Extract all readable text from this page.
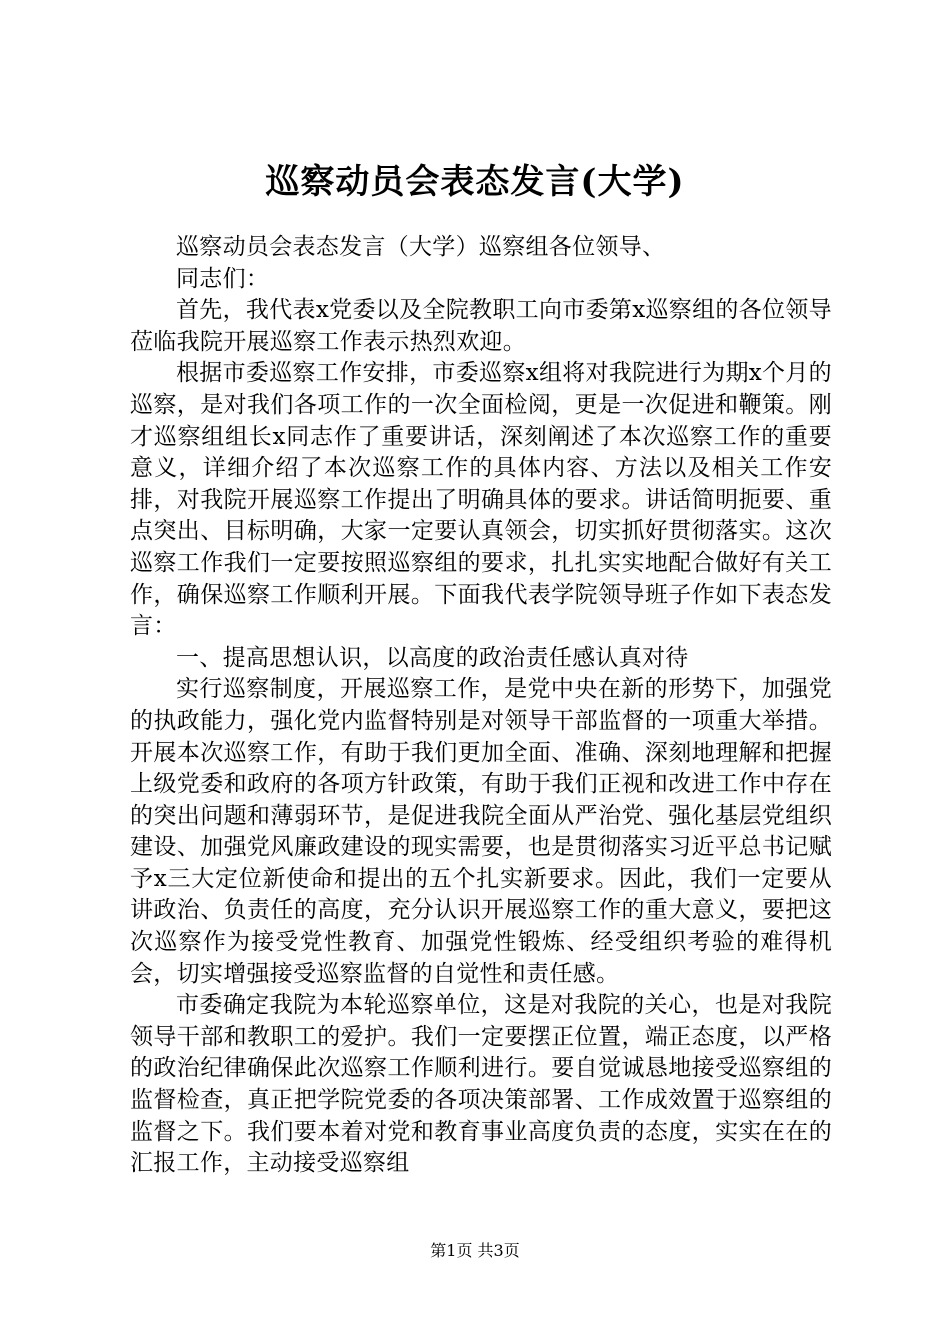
巡察动员会表态发言(大学)

巡察动员会表态发言（大学）巡察组各位领导、

同志们：

首先，我代表x党委以及全院教职工向市委第x巡察组的各位领导莅临我院开展巡察工作表示热烈欢迎。

根据市委巡察工作安排，市委巡察x组将对我院进行为期x个月的巡察，是对我们各项工作的一次全面检阅，更是一次促进和鞭策。刚才巡察组组长x同志作了重要讲话，深刻阐述了本次巡察工作的重要意义，详细介绍了本次巡察工作的具体内容、方法以及相关工作安排，对我院开展巡察工作提出了明确具体的要求。讲话简明扼要、重点突出、目标明确，大家一定要认真领会，切实抓好贯彻落实。这次巡察工作我们一定要按照巡察组的要求，扎扎实实地配合做好有关工作，确保巡察工作顺利开展。下面我代表学院领导班子作如下表态发言：

一、提高思想认识，以高度的政治责任感认真对待

实行巡察制度，开展巡察工作，是党中央在新的形势下，加强党的执政能力，强化党内监督特别是对领导干部监督的一项重大举措。开展本次巡察工作，有助于我们更加全面、准确、深刻地理解和把握上级党委和政府的各项方针政策，有助于我们正视和改进工作中存在的突出问题和薄弱环节，是促进我院全面从严治党、强化基层党组织建设、加强党风廉政建设的现实需要，也是贯彻落实习近平总书记赋予x三大定位新使命和提出的五个扎实新要求。因此，我们一定要从讲政治、负责任的高度，充分认识开展巡察工作的重大意义，要把这次巡察作为接受党性教育、加强党性锻炼、经受组织考验的难得机会，切实增强接受巡察监督的自觉性和责任感。

市委确定我院为本轮巡察单位，这是对我院的关心，也是对我院领导干部和教职工的爱护。我们一定要摆正位置，端正态度，以严格的政治纪律确保此次巡察工作顺利进行。要自觉诚恳地接受巡察组的监督检查，真正把学院党委的各项决策部署、工作成效置于巡察组的监督之下。我们要本着对党和教育事业高度负责的态度，实实在在的汇报工作，主动接受巡察组

第1页 共3页
